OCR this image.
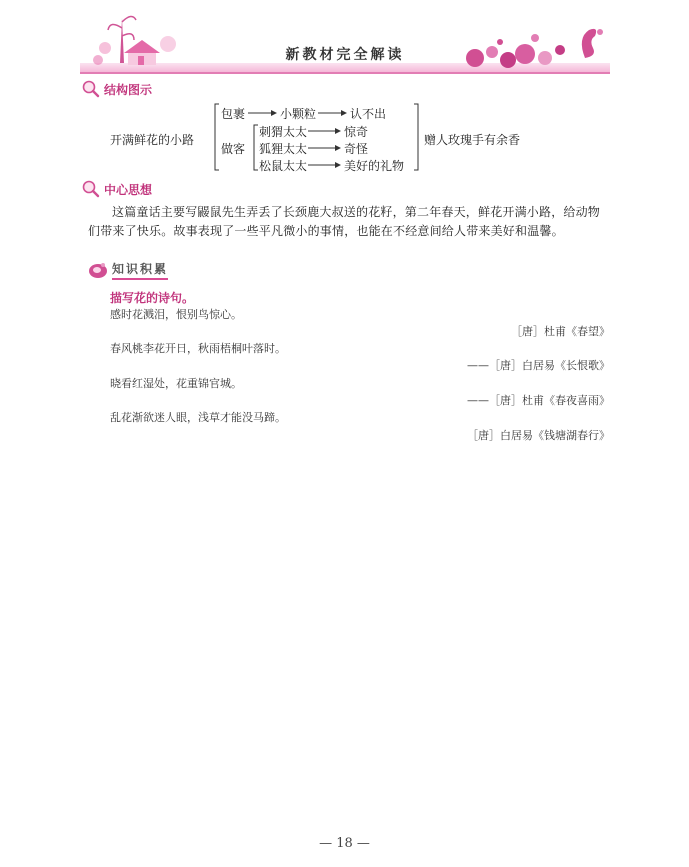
新教材完全解读
结构图示
开满鲜花的小路
包裹	小颗粒	认不出
做客
刺猬太太	惊奇
狐狸太太	奇怪
松鼠太太	美好的礼物
赠人玫瑰手有余香
中心思想
这篇童话主要写鼹鼠先生弄丢了长颈鹿大叔送的花籽，第二年春天，鲜花开满小路，给动物们带来了快乐。故事表现了一些平凡微小的事情，也能在不经意间给人带来美好和温馨。
知识积累
描写花的诗句。
感时花溅泪，恨别鸟惊心。
［唐］杜甫《春望》
春风桃李花开日，秋雨梧桐叶落时。
——［唐］白居易《长恨歌》
晓看红湿处，花重锦官城。
——［唐］杜甫《春夜喜雨》
乱花渐欲迷人眼，浅草才能没马蹄。
［唐］白居易《钱塘湖春行》
— 18 —
